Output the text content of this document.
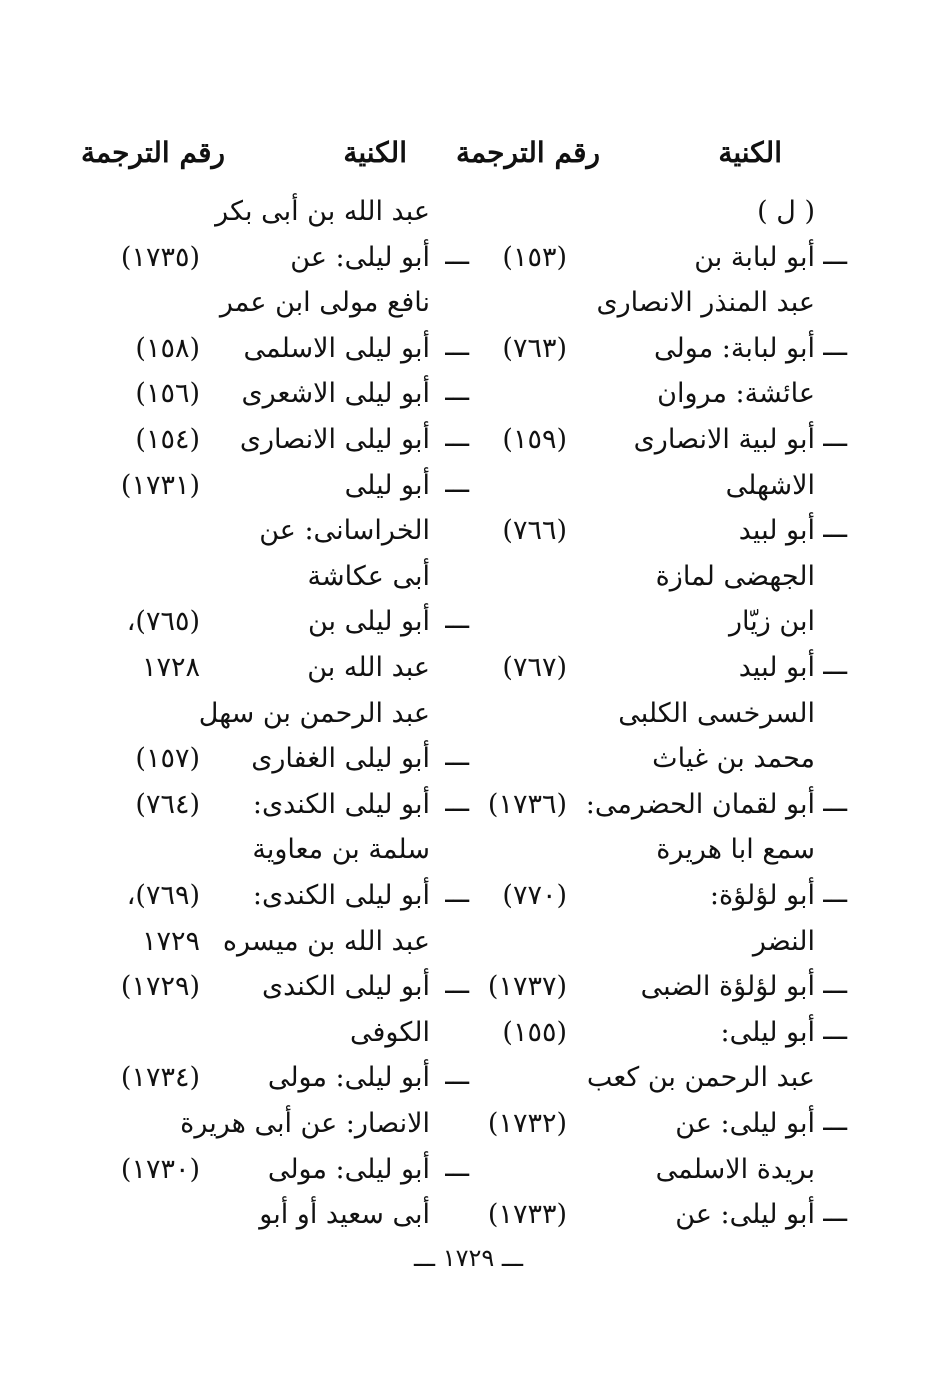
الكنية
رقم الترجمة
الكنية
رقم الترجمة
( ل )
ـــ
أبو لبابة بن
(١٥٣)
عبد المنذر الانصارى
ـــ
أبو لبابة: مولى
(٧٦٣)
عائشة: مروان
ـــ
أبو لبية الانصارى
(١٥٩)
الاشهلى
ـــ
أبو لبيد
(٧٦٦)
الجهضى لمازة
ابن زيّار
ـــ
أبو لبيد
(٧٦٧)
السرخسى الكلبى
محمد بن غياث
ـــ
أبو لقمان الحضرمى:
(١٧٣٦)
سمع ابا هريرة
ـــ
أبو لؤلؤة:
(٧٧٠)
النضر
ـــ
أبو لؤلؤة الضبى
(١٧٣٧)
ـــ
أبو ليلى:
(١٥٥)
عبد الرحمن بن كعب
ـــ
أبو ليلى: عن
(١٧٣٢)
بريدة الاسلمى
ـــ
أبو ليلى: عن
(١٧٣٣)
عبد الله بن أبى بكر
ـــ
أبو ليلى: عن
(١٧٣٥)
نافع مولى ابن عمر
ـــ
أبو ليلى الاسلمى
(١٥٨)
ـــ
أبو ليلى الاشعرى
(١٥٦)
ـــ
أبو ليلى الانصارى
(١٥٤)
ـــ
أبو ليلى
(١٧٣١)
الخراسانى: عن
أبى عكاشة
ـــ
أبو ليلى بن
(٧٦٥)،
عبد الله بن
١٧٢٨
عبد الرحمن بن سهل
ـــ
أبو ليلى الغفارى
(١٥٧)
ـــ
أبو ليلى الكندى:
(٧٦٤)
سلمة بن معاوية
ـــ
أبو ليلى الكندى:
(٧٦٩)،
عبد الله بن ميسره
١٧٢٩
ـــ
أبو ليلى الكندى
(١٧٢٩)
الكوفى
ـــ
أبو ليلى: مولى
(١٧٣٤)
الانصار: عن أبى هريرة
ـــ
أبو ليلى: مولى
(١٧٣٠)
أبى سعيد أو أبو
ـــ ١٧٢٩ ـــ
